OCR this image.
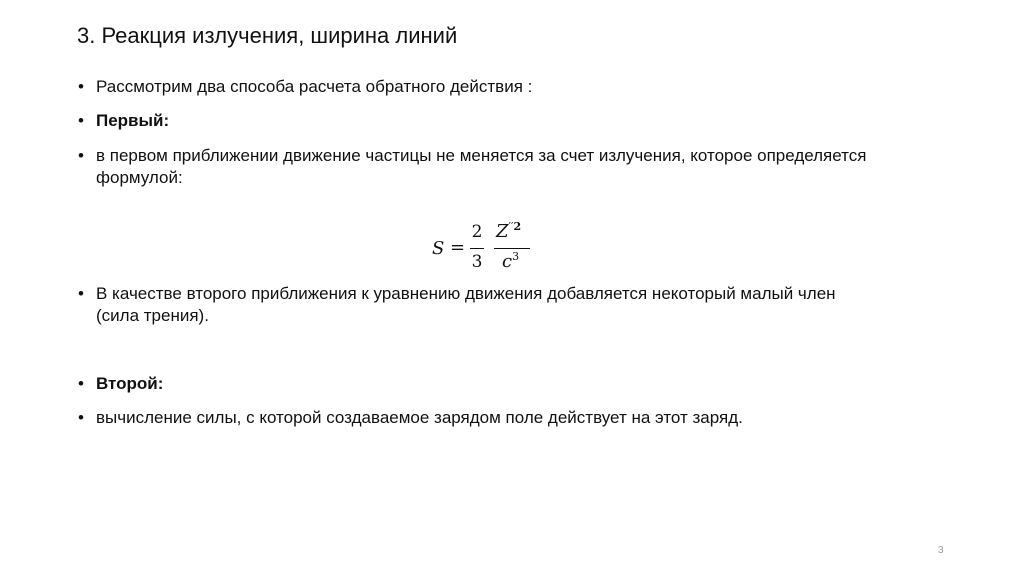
3. Реакция излучения, ширина линий
• Рассмотрим два способа расчета обратного действия :
• Первый:
• в первом приближении движение частицы не меняется за счет излучения, которое определяется формулой:
S =
2
3
$Z^{''2}$
$c^3$
• В качестве второго приближения к уравнению движения добавляется некоторый малый член (сила трения).
• Второй:
• вычисление силы, с которой создаваемое зарядом поле действует на этот заряд.
3
